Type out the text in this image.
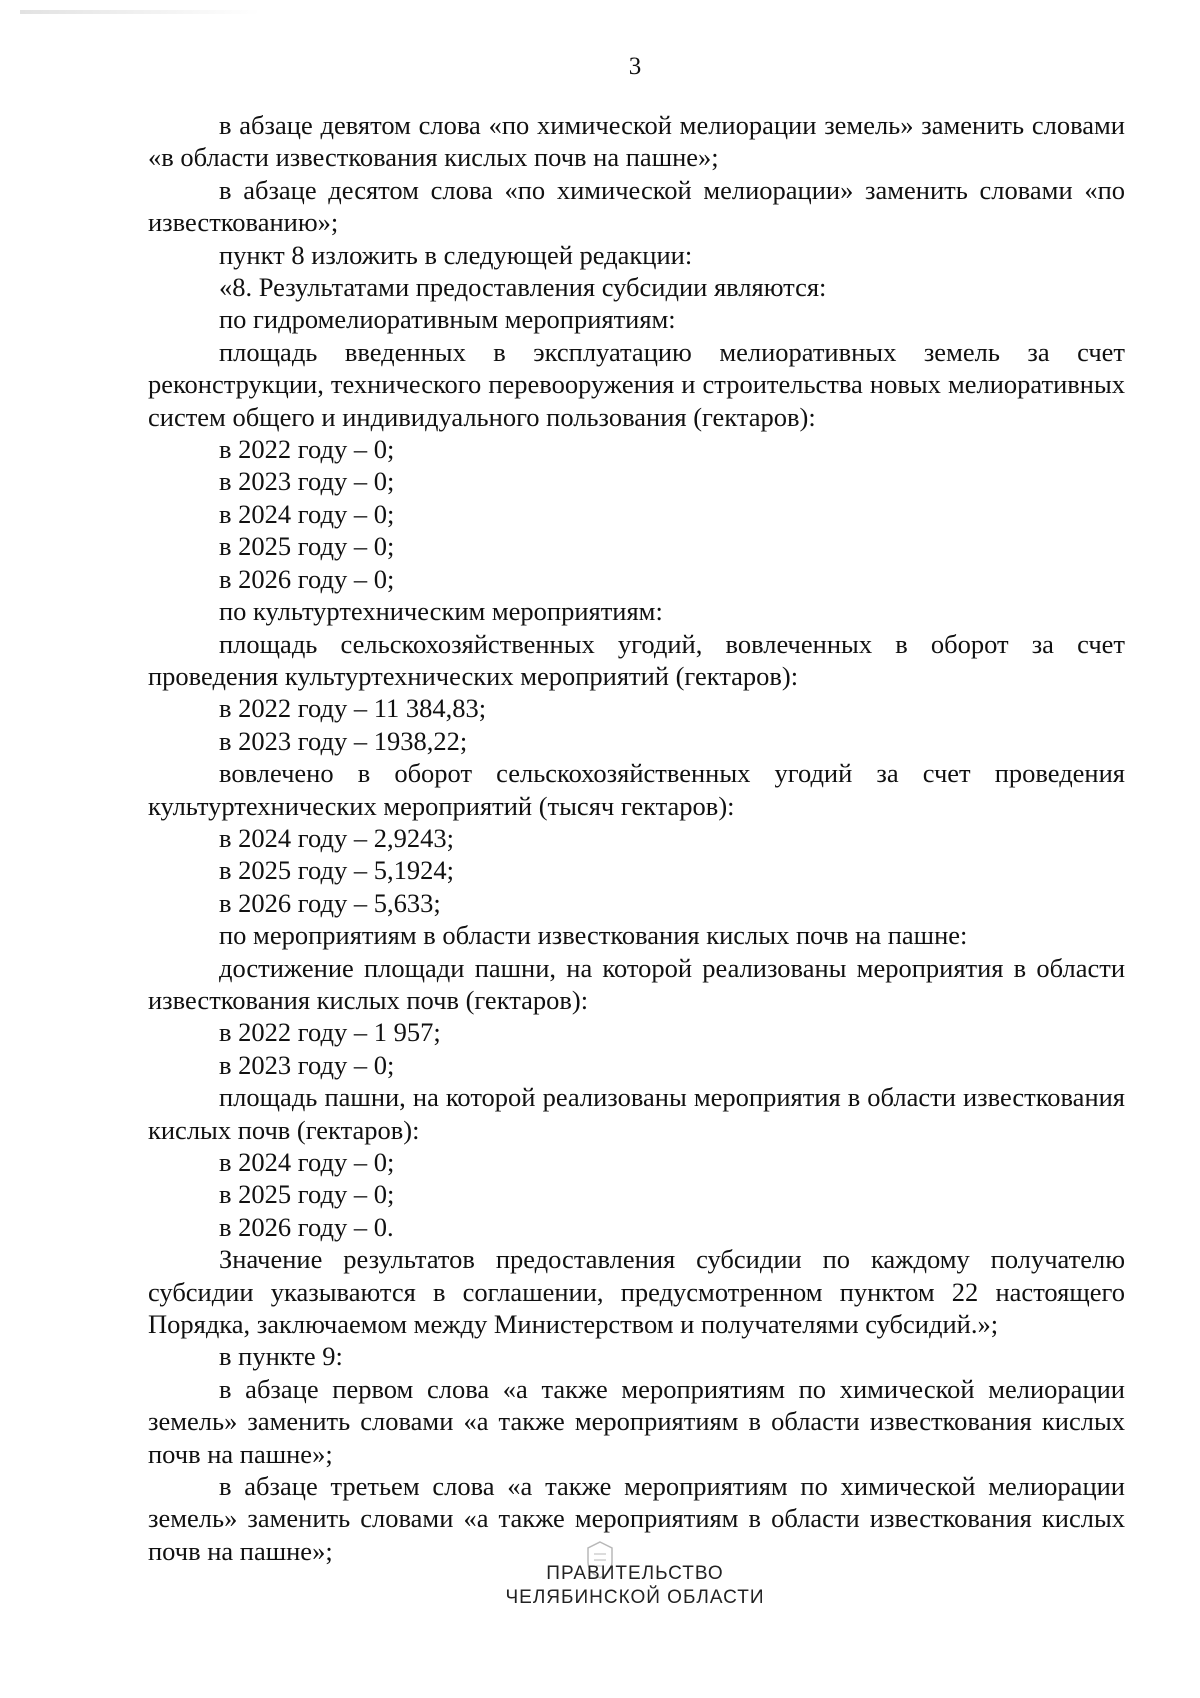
3

в абзаце девятом слова «по химической мелиорации земель» заменить словами «в области известкования кислых почв на пашне»;

в абзаце десятом слова «по химической мелиорации» заменить словами «по известкованию»;

пункт 8 изложить в следующей редакции:

«8. Результатами предоставления субсидии являются:

по гидромелиоративным мероприятиям:

площадь введенных в эксплуатацию мелиоративных земель за счет реконструкции, технического перевооружения и строительства новых мелиоративных систем общего и индивидуального пользования (гектаров):

в 2022 году – 0;

в 2023 году – 0;

в 2024 году – 0;

в 2025 году – 0;

в 2026 году – 0;

по культуртехническим мероприятиям:

площадь сельскохозяйственных угодий, вовлеченных в оборот за счет проведения культуртехнических мероприятий (гектаров):

в 2022 году – 11 384,83;

в 2023 году – 1938,22;

вовлечено в оборот сельскохозяйственных угодий за счет проведения культуртехнических мероприятий (тысяч гектаров):

в 2024 году – 2,9243;

в 2025 году – 5,1924;

в 2026 году – 5,633;

по мероприятиям в области известкования кислых почв на пашне:

достижение площади пашни, на которой реализованы мероприятия в области известкования кислых почв (гектаров):

в 2022 году – 1 957;

в 2023 году – 0;

площадь пашни, на которой реализованы мероприятия в области известкования кислых почв (гектаров):

в 2024 году – 0;

в 2025 году – 0;

в 2026 году – 0.

Значение результатов предоставления субсидии по каждому получателю субсидии указываются в соглашении, предусмотренном пунктом 22 настоящего Порядка, заключаемом между Министерством и получателями субсидий.»;

в пункте 9:

в абзаце первом слова «а также мероприятиям по химической мелиорации земель» заменить словами «а также мероприятиям в области известкования кислых почв на пашне»;

в абзаце третьем слова «а также мероприятиям по химической мелиорации земель» заменить словами «а также мероприятиям в области известкования кислых почв на пашне»;

ПРАВИТЕЛЬСТВО
ЧЕЛЯБИНСКОЙ ОБЛАСТИ
